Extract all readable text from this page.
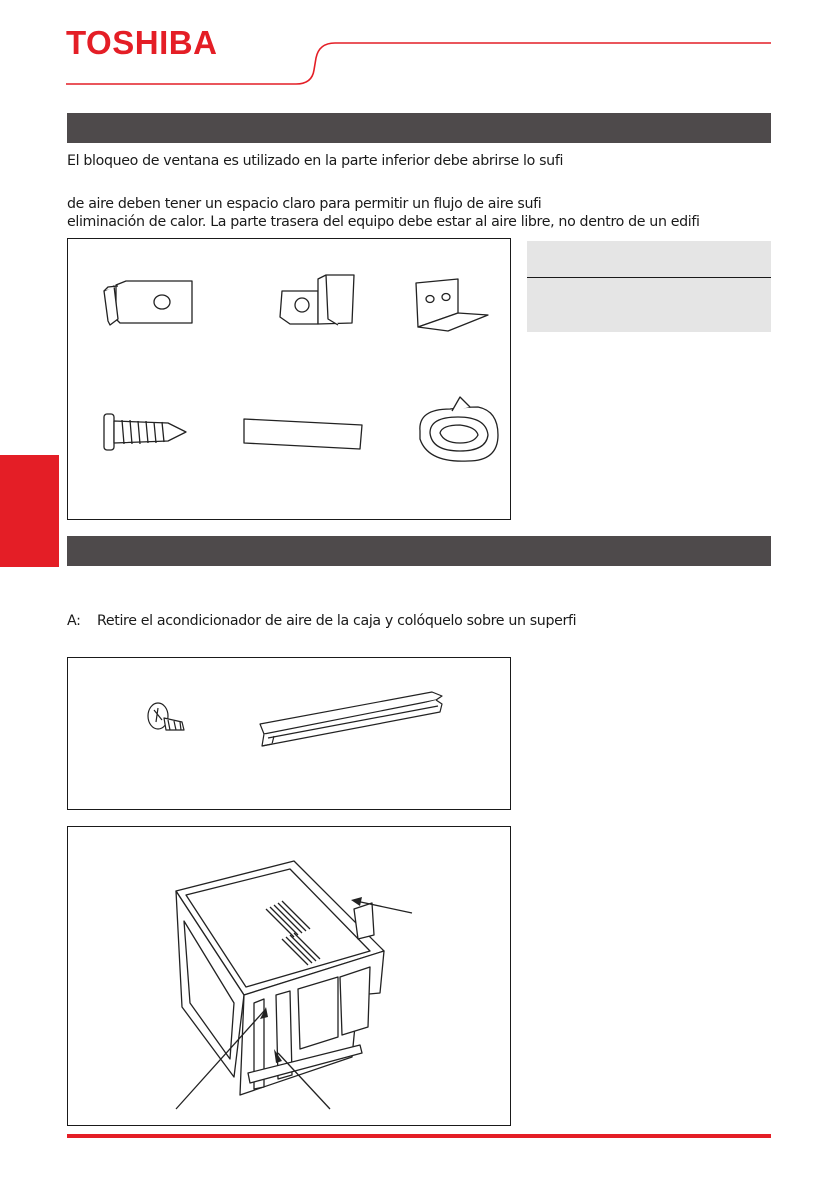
TOSHIBA
El bloqueo de ventana es utilizado en la parte inferior debe abrirse lo sufi
de aire deben tener un espacio claro para permitir un flujo de aire sufi
eliminación de calor. La parte trasera del equipo debe estar al aire libre, no dentro de un edifi
A: Retire el acondicionador de aire de la caja y colóquelo sobre un superfi
